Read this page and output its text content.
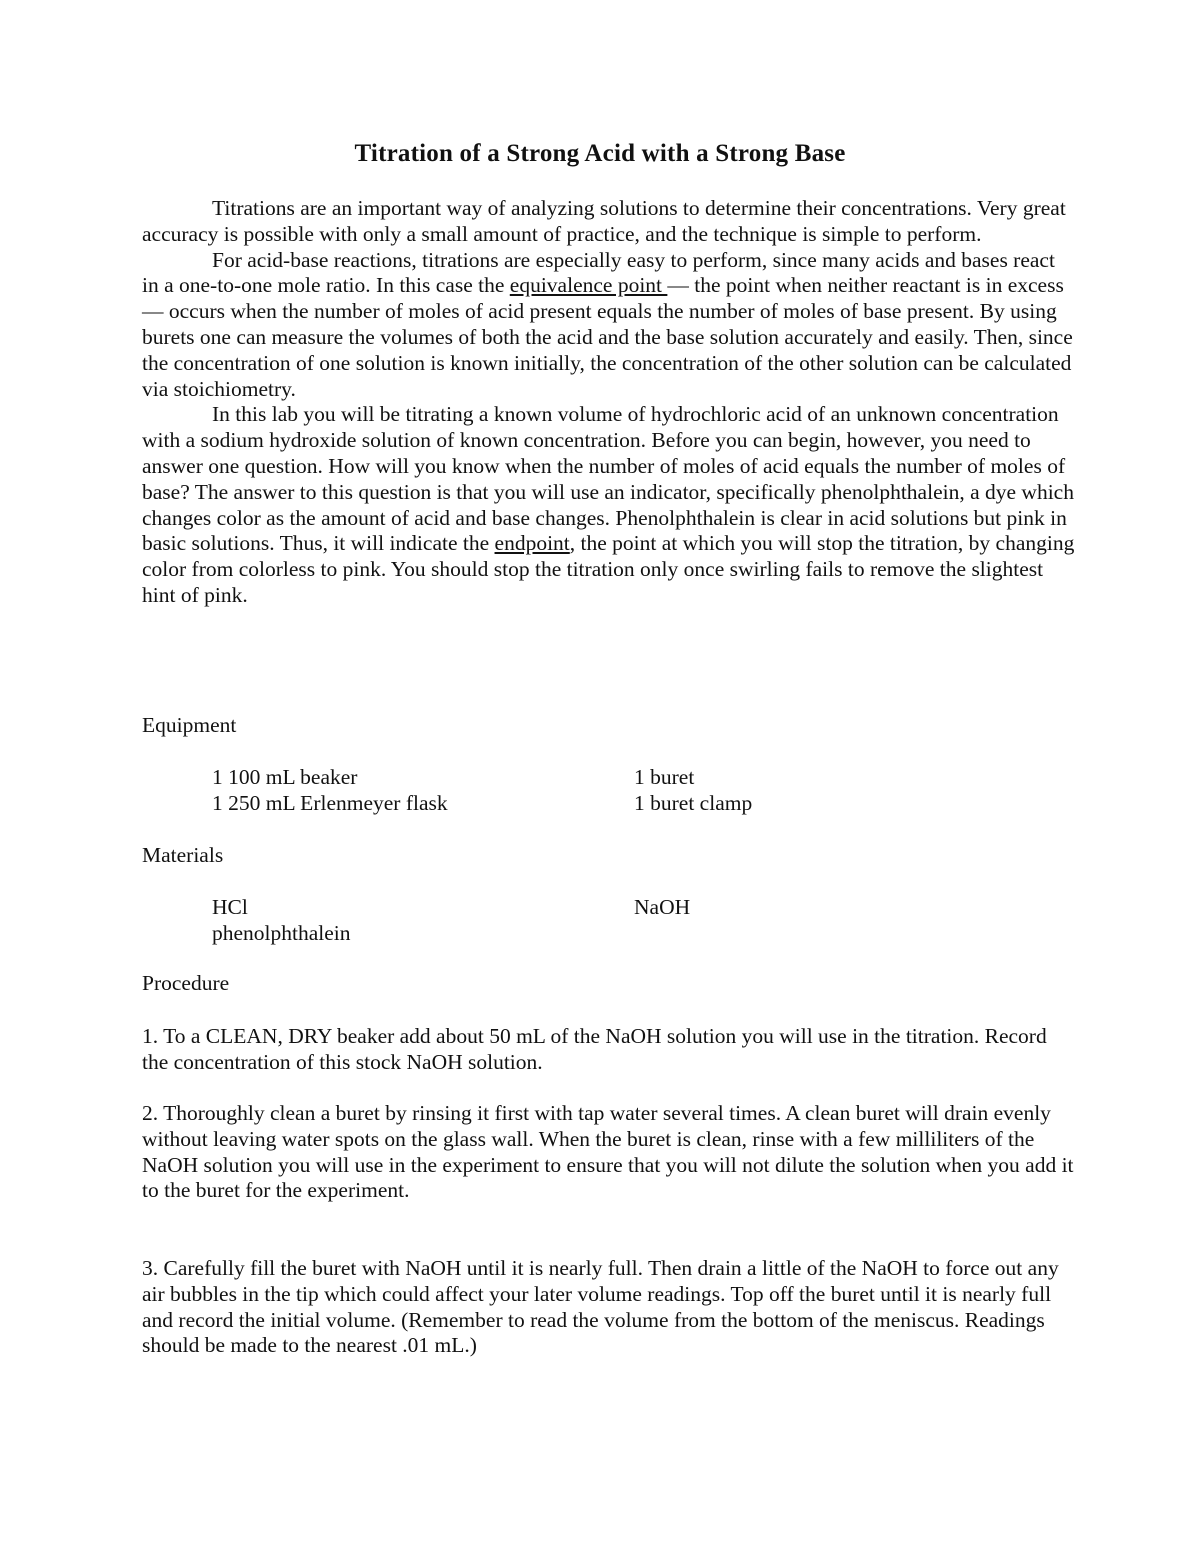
Titration of a Strong Acid with a Strong Base

Titrations are an important way of analyzing solutions to determine their concentrations. Very great accuracy is possible with only a small amount of practice, and the technique is simple to perform.

For acid-base reactions, titrations are especially easy to perform, since many acids and bases react in a one-to-one mole ratio. In this case the equivalence point — the point when neither reactant is in excess — occurs when the number of moles of acid present equals the number of moles of base present. By using burets one can measure the volumes of both the acid and the base solution accurately and easily. Then, since the concentration of one solution is known initially, the concentration of the other solution can be calculated via stoichiometry.

In this lab you will be titrating a known volume of hydrochloric acid of an unknown concentration with a sodium hydroxide solution of known concentration. Before you can begin, however, you need to answer one question. How will you know when the number of moles of acid equals the number of moles of base? The answer to this question is that you will use an indicator, specifically phenolphthalein, a dye which changes color as the amount of acid and base changes. Phenolphthalein is clear in acid solutions but pink in basic solutions. Thus, it will indicate the endpoint, the point at which you will stop the titration, by changing color from colorless to pink. You should stop the titration only once swirling fails to remove the slightest hint of pink.

Equipment
1 100 mL beaker
1 250 mL Erlenmeyer flask
1 buret
1 buret clamp
Materials
HCl
phenolphthalein
NaOH
Procedure

1. To a CLEAN, DRY beaker add about 50 mL of the NaOH solution you will use in the titration. Record the concentration of this stock NaOH solution.

2. Thoroughly clean a buret by rinsing it first with tap water several times. A clean buret will drain evenly without leaving water spots on the glass wall. When the buret is clean, rinse with a few milliliters of the NaOH solution you will use in the experiment to ensure that you will not dilute the solution when you add it to the buret for the experiment.

3. Carefully fill the buret with NaOH until it is nearly full. Then drain a little of the NaOH to force out any air bubbles in the tip which could affect your later volume readings. Top off the buret until it is nearly full and record the initial volume. (Remember to read the volume from the bottom of the meniscus. Readings should be made to the nearest .01 mL.)
